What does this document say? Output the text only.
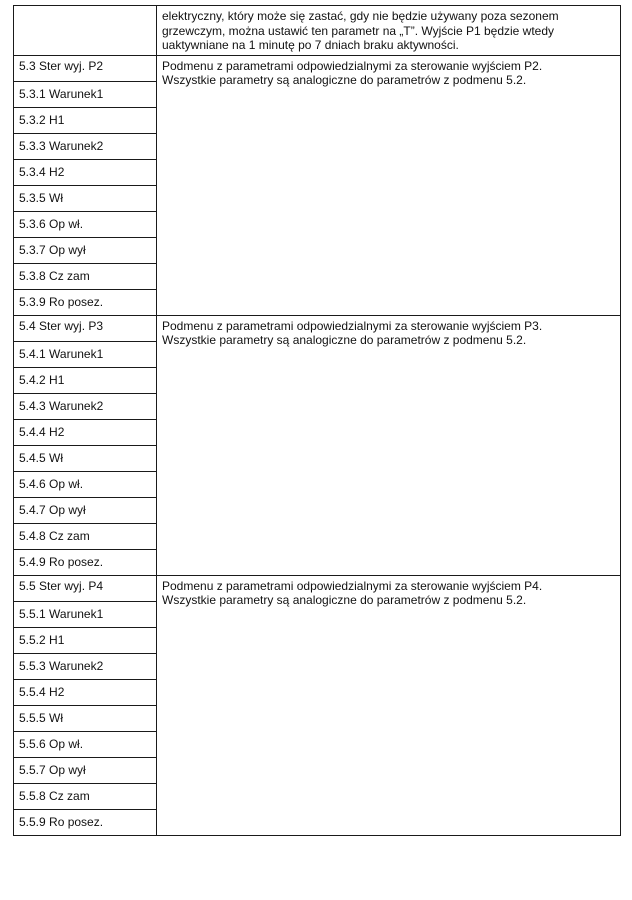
	elektryczny, który może się zastać, gdy nie będzie używany poza sezonem
grzewczym, można ustawić ten parametr na „T”. Wyjście P1 będzie wtedy
uaktywniane na 1 minutę po 7 dniach braku aktywności.

5.3 Ster wyj. P2	Podmenu z parametrami odpowiedzialnymi za sterowanie wyjściem P2.
Wszystkie parametry są analogiczne do parametrów z podmenu 5.2.

5.3.1 Warunek1	

5.3.2 H1	

5.3.3 Warunek2	

5.3.4 H2	

5.3.5 Wł	

5.3.6 Op wł.	

5.3.7 Op wył	

5.3.8 Cz zam	

5.3.9 Ro posez.	

5.4 Ster wyj. P3	Podmenu z parametrami odpowiedzialnymi za sterowanie wyjściem P3.
Wszystkie parametry są analogiczne do parametrów z podmenu 5.2.

5.4.1 Warunek1	

5.4.2 H1	

5.4.3 Warunek2	

5.4.4 H2	

5.4.5 Wł	

5.4.6 Op wł.	

5.4.7 Op wył	

5.4.8 Cz zam	

5.4.9 Ro posez.	

5.5 Ster wyj. P4	Podmenu z parametrami odpowiedzialnymi za sterowanie wyjściem P4.
Wszystkie parametry są analogiczne do parametrów z podmenu 5.2.

5.5.1 Warunek1	

5.5.2 H1	

5.5.3 Warunek2	

5.5.4 H2	

5.5.5 Wł	

5.5.6 Op wł.	

5.5.7 Op wył	

5.5.8 Cz zam	

5.5.9 Ro posez.	
